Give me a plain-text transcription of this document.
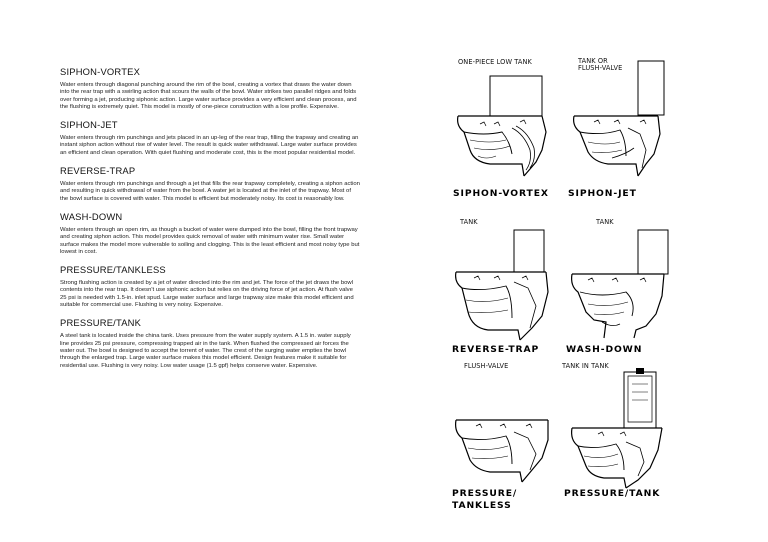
SIPHON-VORTEX

Water enters through diagonal punching around the rim of the bowl, creating a vortex that draws the water down into the rear trap with a swirling action that scours the walls of the bowl. Water strikes two parallel ridges and folds over forming a jet, producing siphonic action. Large water surface provides a very efficient and clean process, and the flushing is extremely quiet. This model is mostly of one-piece construction with a low profile. Expensive.

SIPHON-JET

Water enters through rim punchings and jets placed in an up-leg of the rear trap, filling the trapway and creating an instant siphon action without rise of water level. The result is quick water withdrawal. Large water surface provides an efficient and clean operation. With quiet flushing and moderate cost, this is the most popular residential model.

REVERSE-TRAP

Water enters through rim punchings and through a jet that fills the rear trapway completely, creating a siphon action and resulting in quick withdrawal of water from the bowl. A water jet is located at the inlet of the trapway. Most of the bowl surface is covered with water. This model is efficient but moderately noisy. Its cost is reasonably low.

WASH-DOWN

Water enters through an open rim, as though a bucket of water were dumped into the bowl, filling the front trapway and creating siphon action. This model provides quick removal of water with minimum water rise. Small water surface makes the model more vulnerable to soiling and clogging. This is the least efficient and most noisy type but lowest in cost.

PRESSURE/TANKLESS

Strong flushing action is created by a jet of water directed into the rim and jet. The force of the jet draws the bowl contents into the rear trap. It doesn't use siphonic action but relies on the driving force of jet action. At flush valve 25 psi is needed with 1.5-in. inlet spud. Large water surface and large trapway size make this model efficient and suitable for commercial use. Flushing is very noisy. Expensive.

PRESSURE/TANK

A steel tank is located inside the china tank. Uses pressure from the water supply system. A 1.5 in. water supply line provides 25 psi pressure, compressing trapped air in the tank. When flushed the compressed air forces the water out. The bowl is designed to accept the torrent of water. The crest of the surging water empties the bowl through the enlarged trap. Large water surface makes this model efficient. Design features make it suitable for residential use. Flushing is very noisy. Low water usage (1.5 gpf) helps conserve water. Expensive.

ONE-PIECE LOW TANK
SIPHON-VORTEX
TANK OR
FLUSH-VALVE
SIPHON-JET
TANK
REVERSE-TRAP
TANK
WASH-DOWN
FLUSH-VALVE
PRESSURE/
TANKLESS
TANK IN TANK
PRESSURE/TANK
